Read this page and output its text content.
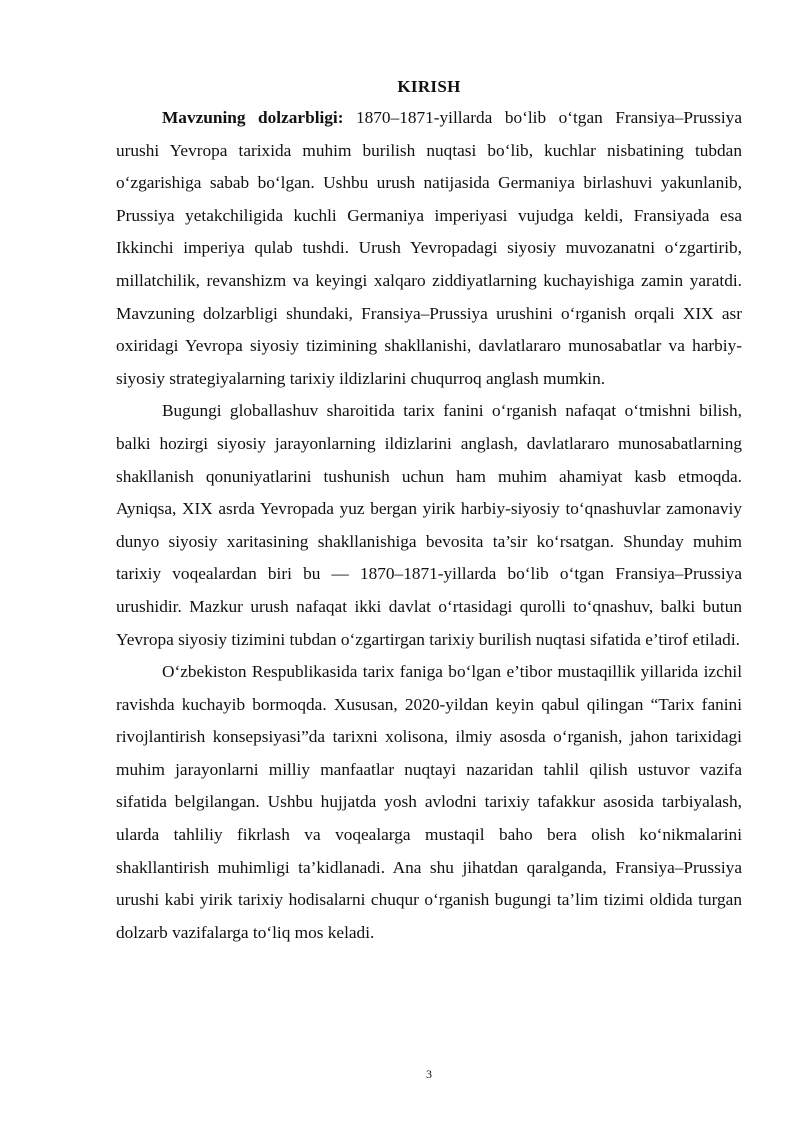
KIRISH

Mavzuning dolzarbligi: 1870–1871-yillarda bo‘lib o‘tgan Fransiya–Prussiya urushi Yevropa tarixida muhim burilish nuqtasi bo‘lib, kuchlar nisbatining tubdan o‘zgarishiga sabab bo‘lgan. Ushbu urush natijasida Germaniya birlashuvi yakunlanib, Prussiya yetakchiligida kuchli Germaniya imperiyasi vujudga keldi, Fransiyada esa Ikkinchi imperiya qulab tushdi. Urush Yevropadagi siyosiy muvozanatni o‘zgartirib, millatchilik, revanshizm va keyingi xalqaro ziddiyatlarning kuchayishiga zamin yaratdi. Mavzuning dolzarbligi shundaki, Fransiya–Prussiya urushini o‘rganish orqali XIX asr oxiridagi Yevropa siyosiy tizimining shakllanishi, davlatlararo munosabatlar va harbiy-siyosiy strategiyalarning tarixiy ildizlarini chuqurroq anglash mumkin.

Bugungi globallashuv sharoitida tarix fanini o‘rganish nafaqat o‘tmishni bilish, balki hozirgi siyosiy jarayonlarning ildizlarini anglash, davlatlararo munosabatlarning shakllanish qonuniyatlarini tushunish uchun ham muhim ahamiyat kasb etmoqda. Ayniqsa, XIX asrda Yevropada yuz bergan yirik harbiy-siyosiy to‘qnashuvlar zamonaviy dunyo siyosiy xaritasining shakllanishiga bevosita ta’sir ko‘rsatgan. Shunday muhim tarixiy voqealardan biri bu — 1870–1871-yillarda bo‘lib o‘tgan Fransiya–Prussiya urushidir. Mazkur urush nafaqat ikki davlat o‘rtasidagi qurolli to‘qnashuv, balki butun Yevropa siyosiy tizimini tubdan o‘zgartirgan tarixiy burilish nuqtasi sifatida e’tirof etiladi.

O‘zbekiston Respublikasida tarix faniga bo‘lgan e’tibor mustaqillik yillarida izchil ravishda kuchayib bormoqda. Xususan, 2020-yildan keyin qabul qilingan “Tarix fanini rivojlantirish konsepsiyasi”da tarixni xolisona, ilmiy asosda o‘rganish, jahon tarixidagi muhim jarayonlarni milliy manfaatlar nuqtayi nazaridan tahlil qilish ustuvor vazifa sifatida belgilangan. Ushbu hujjatda yosh avlodni tarixiy tafakkur asosida tarbiyalash, ularda tahliliy fikrlash va voqealarga mustaqil baho bera olish ko‘nikmalarini shakllantirish muhimligi ta’kidlanadi. Ana shu jihatdan qaralganda, Fransiya–Prussiya urushi kabi yirik tarixiy hodisalarni chuqur o‘rganish bugungi ta’lim tizimi oldida turgan dolzarb vazifalarga to‘liq mos keladi.

3
